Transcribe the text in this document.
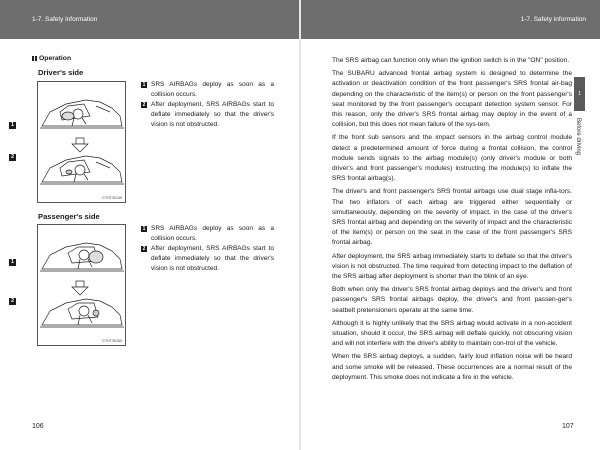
1-7. Safety information	1-7. Safety information
Operation
Driver's side
1
2
CTHT/SG49
1 SRS AIRBAGs deploy as soon as a collision occurs.
2 After deployment, SRS AIRBAGs start to deflate immediately so that the driver's vision is not obstructed.
Passenger's side
1
2
CTHT/SG50
1 SRS AIRBAGs deploy as soon as a collision occurs.
2 After deployment, SRS AIRBAGs start to deflate immediately so that the driver's vision is not obstructed.

The SRS airbag can function only when the ignition switch is in the "ON" position.

The SUBARU advanced frontal airbag system is designed to determine the activation or deactivation condition of the front passenger's SRS frontal air-bag depending on the characteristic of the item(s) or person on the front passenger's seat monitored by the front passenger's occupant detection system sensor. For this reason, only the driver's SRS frontal airbag may deploy in the event of a collision, but this does not mean failure of the sys-tem.

If the front sub sensors and the impact sensors in the airbag control module detect a predetermined amount of force during a frontal collision, the control module sends signals to the airbag module(s) (only driver's module or both driver's and front passenger's modules) instructing the module(s) to inflate the SRS frontal airbag(s).

The driver's and front passenger's SRS frontal airbags use dual stage infla-tors. The two inflators of each airbag are triggered either sequentially or simultaneously, depending on the severity of impact, in the case of the driver's SRS frontal airbag and depending on the severity of impact and the characteristic of the item(s) or person on the seat in the case of the front passenger's SRS frontal airbag.

After deployment, the SRS airbag immediately starts to deflate so that the driver's vision is not obstructed. The time required from detecting impact to the deflation of the SRS airbag after deployment is shorter than the blink of an eye.

Both when only the driver's SRS frontal airbag deploys and the driver's and front passenger's SRS frontal airbags deploy, the driver's and front passen-ger's seatbelt pretensioners operate at the same time.

Although it is highly unlikely that the SRS airbag would activate in a non-accident situation, should it occur, the SRS airbag will deflate quickly, not obscuring vision and will not interfere with the driver's ability to maintain con-trol of the vehicle.

When the SRS airbag deploys, a sudden, fairly loud inflation noise will be heard and some smoke will be released. These occurrences are a normal result of the deployment. This smoke does not indicate a fire in the vehicle.

1
Before driving
106	107
